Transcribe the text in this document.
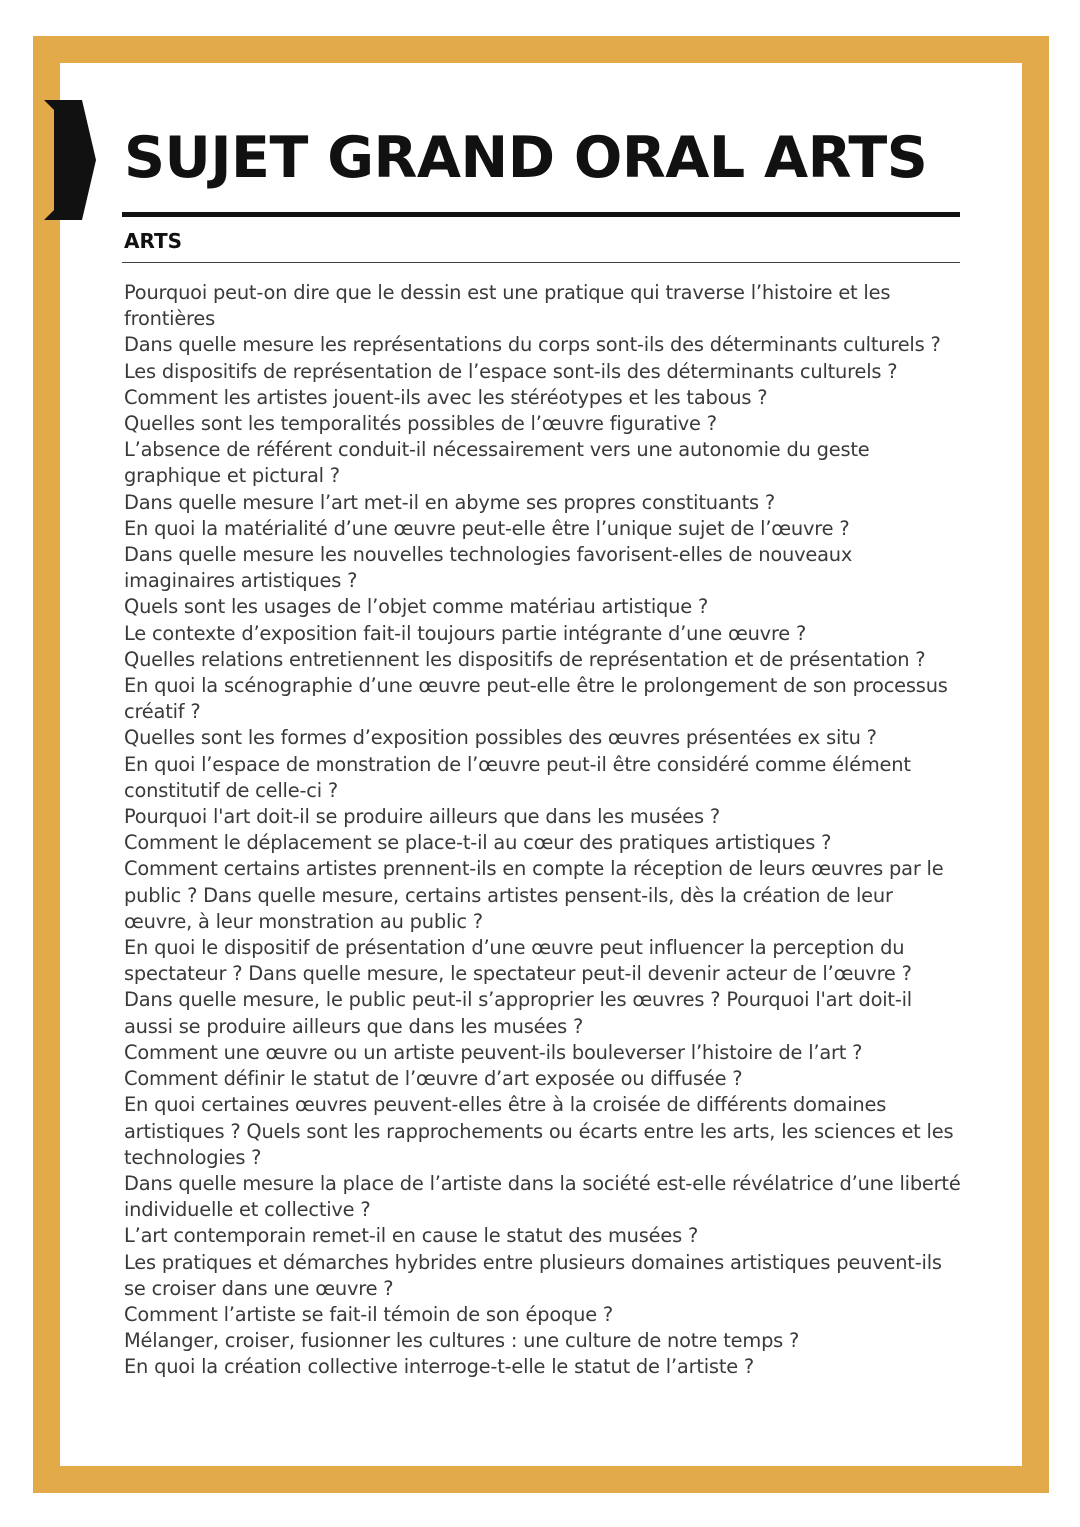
SUJET GRAND ORAL ARTS
ARTS
Pourquoi peut-on dire que le dessin est une pratique qui traverse l’histoire et les frontières
Dans quelle mesure les représentations du corps sont-ils des déterminants culturels ?
Les dispositifs de représentation de l’espace sont-ils des déterminants culturels ?
Comment les artistes jouent-ils avec les stéréotypes et les tabous ?
Quelles sont les temporalités possibles de l’œuvre figurative ?
L’absence de référent conduit-il nécessairement vers une autonomie du geste graphique et pictural ?
Dans quelle mesure l’art met-il en abyme ses propres constituants ?
En quoi la matérialité d’une œuvre peut-elle être l’unique sujet de l’œuvre ?
Dans quelle mesure les nouvelles technologies favorisent-elles de nouveaux imaginaires artistiques ?
Quels sont les usages de l’objet comme matériau artistique ?
Le contexte d’exposition fait-il toujours partie intégrante d’une œuvre ?
Quelles relations entretiennent les dispositifs de représentation et de présentation ?
En quoi la scénographie d’une œuvre peut-elle être le prolongement de son processus créatif ?
Quelles sont les formes d’exposition possibles des œuvres présentées ex situ ?
En quoi l’espace de monstration de l’œuvre peut-il être considéré comme élément constitutif de celle-ci ?
Pourquoi l'art doit-il se produire ailleurs que dans les musées ?
Comment le déplacement se place-t-il au cœur des pratiques artistiques ?
Comment certains artistes prennent-ils en compte la réception de leurs œuvres par le public ? Dans quelle mesure, certains artistes pensent-ils, dès la création de leur œuvre, à leur monstration au public ?
En quoi le dispositif de présentation d’une œuvre peut influencer la perception du spectateur ? Dans quelle mesure, le spectateur peut-il devenir acteur de l’œuvre ?
Dans quelle mesure, le public peut-il s’approprier les œuvres ? Pourquoi l'art doit-il aussi se produire ailleurs que dans les musées ?
Comment une œuvre ou un artiste peuvent-ils bouleverser l’histoire de l’art ?
Comment définir le statut de l’œuvre d’art exposée ou diffusée ?
En quoi certaines œuvres peuvent-elles être à la croisée de différents domaines artistiques ? Quels sont les rapprochements ou écarts entre les arts, les sciences et les technologies ?
Dans quelle mesure la place de l’artiste dans la société est-elle révélatrice d’une liberté individuelle et collective ?
L’art contemporain remet-il en cause le statut des musées ?
Les pratiques et démarches hybrides entre plusieurs domaines artistiques peuvent-ils se croiser dans une œuvre ?
Comment l’artiste se fait-il témoin de son époque ?
Mélanger, croiser, fusionner les cultures : une culture de notre temps ?
En quoi la création collective interroge-t-elle le statut de l’artiste ?
